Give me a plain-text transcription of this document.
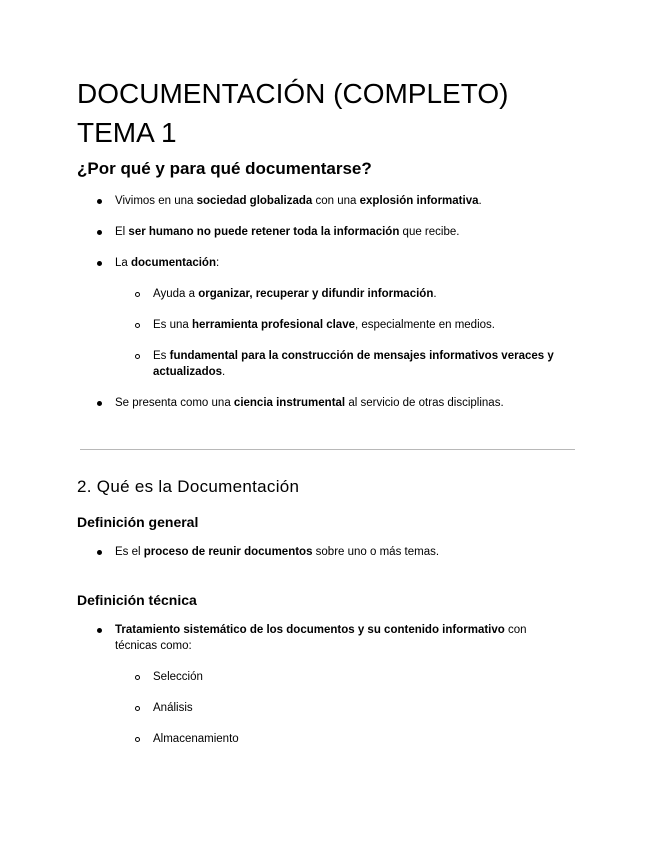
DOCUMENTACIÓN (COMPLETO)
TEMA 1
¿Por qué y para qué documentarse?
Vivimos en una sociedad globalizada con una explosión informativa.
El ser humano no puede retener toda la información que recibe.
La documentación:
Ayuda a organizar, recuperar y difundir información.
Es una herramienta profesional clave, especialmente en medios.
Es fundamental para la construcción de mensajes informativos veraces y
actualizados.
Se presenta como una ciencia instrumental al servicio de otras disciplinas.
2. Qué es la Documentación
Definición general
Es el proceso de reunir documentos sobre uno o más temas.
Definición técnica
Tratamiento sistemático de los documentos y su contenido informativo con
técnicas como:
Selección
Análisis
Almacenamiento
